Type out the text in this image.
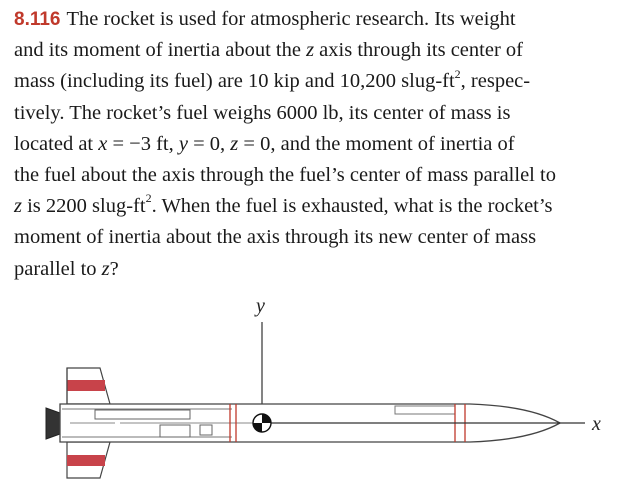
8.116 The rocket is used for atmospheric research. Its weight
and its moment of inertia about the z axis through its center of
mass (including its fuel) are 10 kip and 10,200 slug-$ft^2$, respec-
tively. The rocket’s fuel weighs 6000 lb, its center of mass is
located at x = −3 ft, y = 0, z = 0, and the moment of inertia of
the fuel about the axis through the fuel’s center of mass parallel to
z is 2200 slug-$ft^2$. When the fuel is exhausted, what is the rocket’s
moment of inertia about the axis through its new center of mass
parallel to z?
y
x
